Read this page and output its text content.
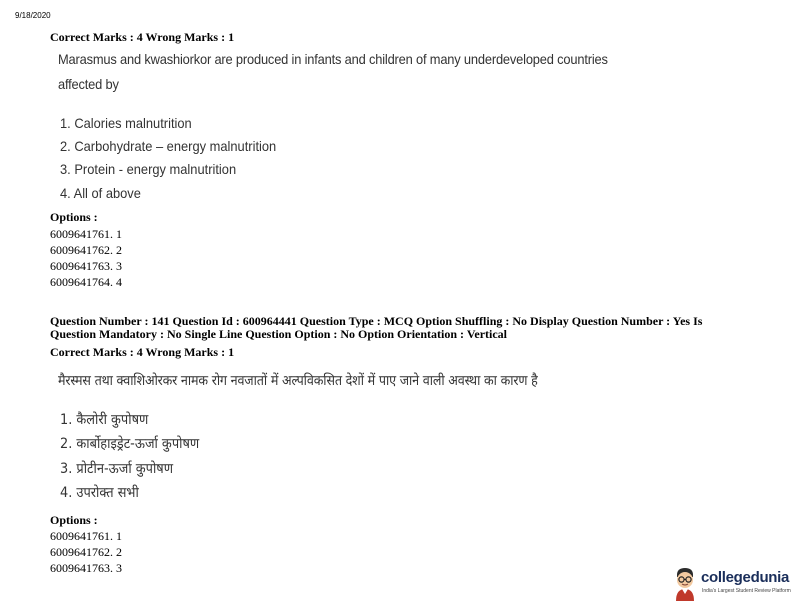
9/18/2020
Correct Marks : 4 Wrong Marks : 1
Marasmus and kwashiorkor are produced in infants and children of many underdeveloped countries
affected by
1. Calories malnutrition
2. Carbohydrate – energy malnutrition
3. Protein - energy malnutrition
4. All of above
Options :
6009641761. 1
6009641762. 2
6009641763. 3
6009641764. 4
Question Number : 141 Question Id : 600964441 Question Type : MCQ Option Shuffling : No Display Question Number : Yes Is Question Mandatory : No Single Line Question Option : No Option Orientation : Vertical
Correct Marks : 4 Wrong Marks : 1
मैरस्मस तथा क्वाशिओरकर नामक रोग नवजातों में अल्पविकसित देशों में पाए जाने वाली अवस्था का कारण है
1. कैलोरी कुपोषण
2. कार्बोहाइड्रेट-ऊर्जा कुपोषण
3. प्रोटीन-ऊर्जा कुपोषण
4. उपरोक्त सभी
Options :
6009641761. 1
6009641762. 2
6009641763. 3
collegedunia
India's Largest Student Review Platform
